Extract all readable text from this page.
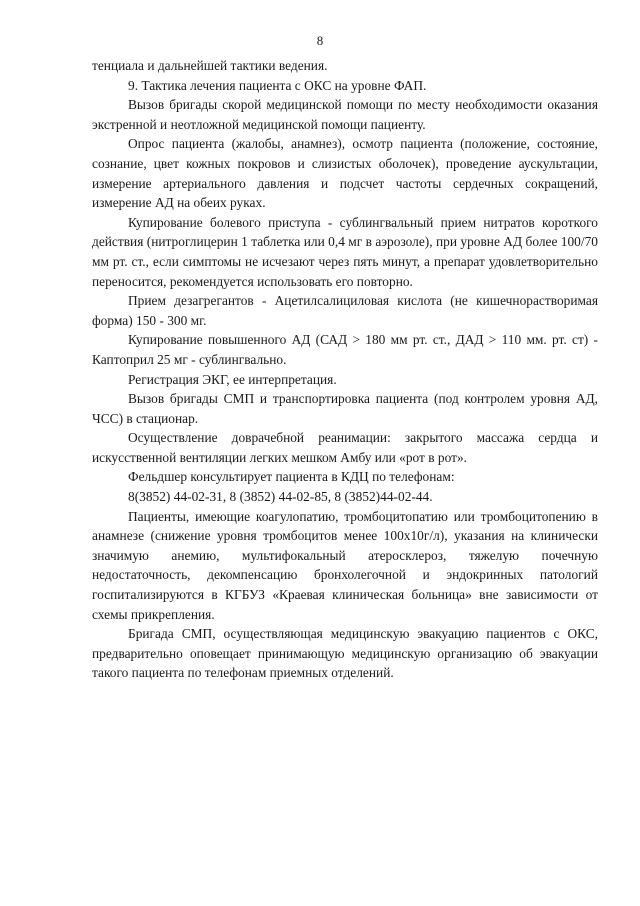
8

тенциала и дальнейшей тактики ведения.

9. Тактика лечения пациента с ОКС на уровне ФАП.

Вызов бригады скорой медицинской помощи по месту необходимости оказания экстренной и неотложной медицинской помощи пациенту.

Опрос пациента (жалобы, анамнез), осмотр пациента (положение, состояние, сознание, цвет кожных покровов и слизистых оболочек), проведение аускультации, измерение артериального давления и подсчет частоты сердечных сокращений, измерение АД на обеих руках.

Купирование болевого приступа - сублингвальный прием нитратов короткого действия (нитроглицерин 1 таблетка или 0,4 мг в аэрозоле), при уровне АД более 100/70 мм рт. ст., если симптомы не исчезают через пять минут, а препарат удовлетворительно переносится, рекомендуется использовать его повторно.

Прием дезагрегантов - Ацетилсалициловая кислота (не кишечнорастворимая форма) 150 - 300 мг.

Купирование повышенного АД (САД > 180 мм рт. ст., ДАД > 110 мм. рт. ст) - Каптоприл 25 мг - сублингвально.

Регистрация ЭКГ, ее интерпретация.

Вызов бригады СМП и транспортировка пациента (под контролем уровня АД, ЧСС) в стационар.

Осуществление доврачебной реанимации: закрытого массажа сердца и искусственной вентиляции легких мешком Амбу или «рот в рот».

Фельдшер консультирует пациента в КДЦ по телефонам:

8(3852) 44-02-31, 8 (3852) 44-02-85, 8 (3852)44-02-44.

Пациенты, имеющие коагулопатию, тромбоцитопатию или тромбоцитопению в анамнезе (снижение уровня тромбоцитов менее 100х10г/л), указания на клинически значимую анемию, мультифокальный атеросклероз, тяжелую почечную недостаточность, декомпенсацию бронхолегочной и эндокринных патологий госпитализируются в КГБУЗ «Краевая клиническая больница» вне зависимости от схемы прикрепления.

Бригада СМП, осуществляющая медицинскую эвакуацию пациентов с ОКС, предварительно оповещает принимающую медицинскую организацию об эвакуации такого пациента по телефонам приемных отделений.
